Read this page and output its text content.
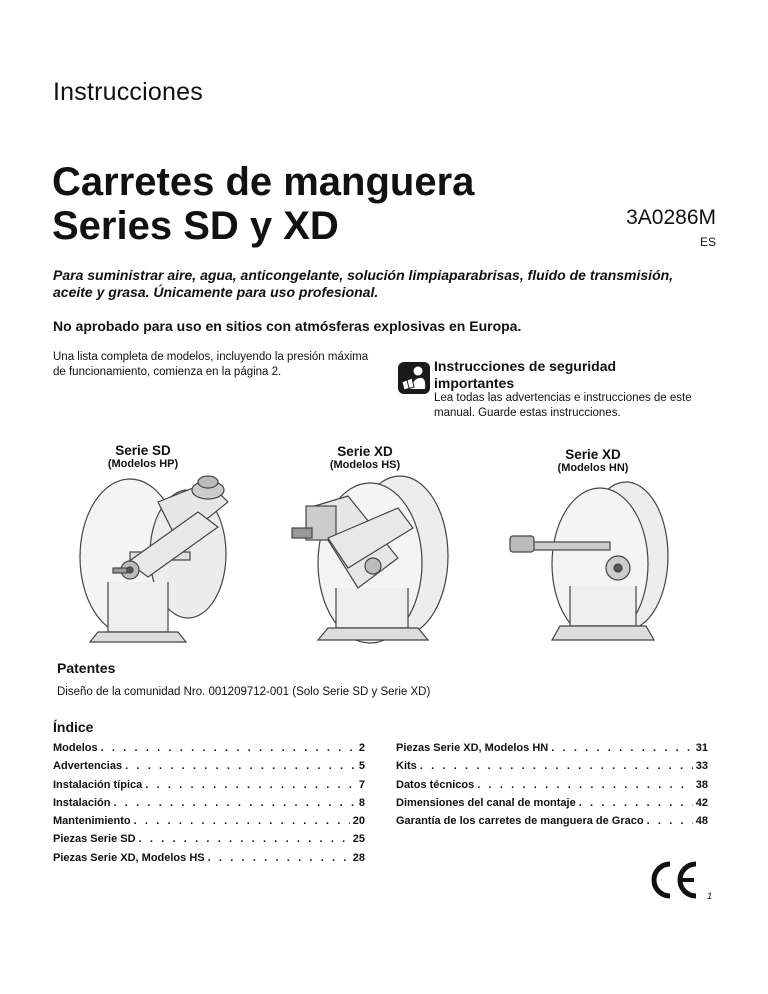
Instrucciones
Carretes de manguera
Series SD y XD	3A0286M
ES
Para suministrar aire, agua, anticongelante, solución limpiaparabrisas, fluido de transmisión, aceite y grasa. Únicamente para uso profesional.
No aprobado para uso en sitios con atmósferas explosivas en Europa.
Una lista completa de modelos, incluyendo la presión máxima de funcionamiento, comienza en la página 2.	Instrucciones de seguridad importantes
Lea todas las advertencias e instrucciones de este manual. Guarde estas instrucciones.
Serie SD
(Modelos HP)
Serie XD
(Modelos HS)
Serie XD
(Modelos HN)
Patentes
Diseño de la comunidad Nro. 001209712-001 (Solo Serie SD y Serie XD)
Índice
Modelos . . .	2
Advertencias . . .	5
Instalación típica . . .	7
Instalación . . .	8
Mantenimiento . . .	20
Piezas Serie SD . . .	25
Piezas Serie XD, Modelos HS . . .	28
Piezas Serie XD, Modelos HN . . .	31
Kits . . .	33
Datos técnicos . . .	38
Dimensiones del canal de montaje . . .	42
Garantía de los carretes de manguera de Graco . . .	48
1
